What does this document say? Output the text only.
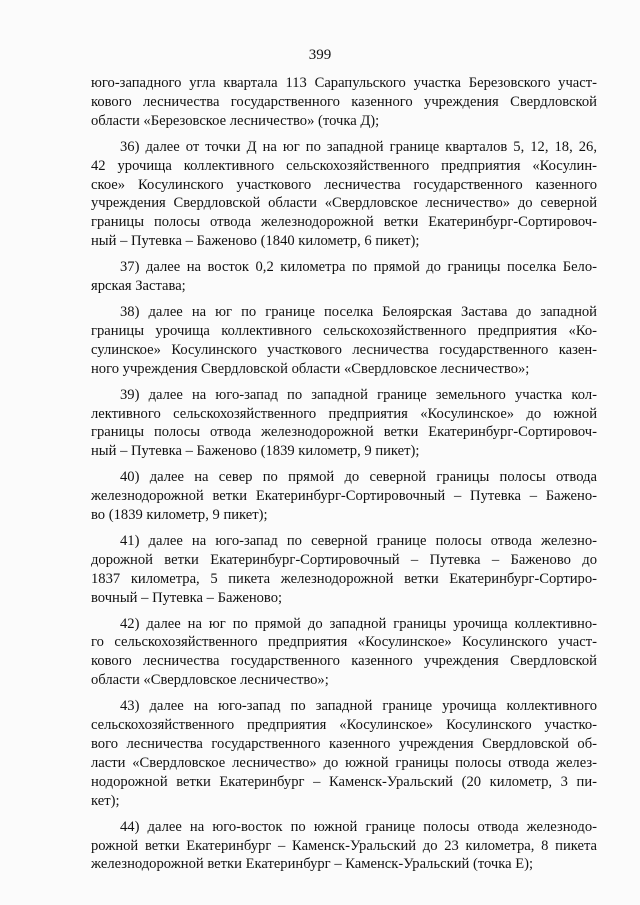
399

юго-западного угла квартала 113 Сарапульского участка Березовского участ-
кового лесничества государственного казенного учреждения Свердловской
области «Березовское лесничество» (точка Д);

36) далее от точки Д на юг по западной границе кварталов 5, 12, 18, 26,
42 урочища коллективного сельскохозяйственного предприятия «Косулин-
ское» Косулинского участкового лесничества государственного казенного
учреждения Свердловской области «Свердловское лесничество» до северной
границы полосы отвода железнодорожной ветки Екатеринбург-Сортировоч-
ный – Путевка – Баженово (1840 километр, 6 пикет);

37) далее на восток 0,2 километра по прямой до границы поселка Бело-
ярская Застава;

38) далее на юг по границе поселка Белоярская Застава до западной
границы урочища коллективного сельскохозяйственного предприятия «Ко-
сулинское» Косулинского участкового лесничества государственного казен-
ного учреждения Свердловской области «Свердловское лесничество»;

39) далее на юго-запад по западной границе земельного участка кол-
лективного сельскохозяйственного предприятия «Косулинское» до южной
границы полосы отвода железнодорожной ветки Екатеринбург-Сортировоч-
ный – Путевка – Баженово (1839 километр, 9 пикет);

40) далее на север по прямой до северной границы полосы отвода
железнодорожной ветки Екатеринбург-Сортировочный – Путевка – Бажено-
во (1839 километр, 9 пикет);

41) далее на юго-запад по северной границе полосы отвода железно-
дорожной ветки Екатеринбург-Сортировочный – Путевка – Баженово до
1837 километра, 5 пикета железнодорожной ветки Екатеринбург-Сортиро-
вочный – Путевка – Баженово;

42) далее на юг по прямой до западной границы урочища коллективно-
го сельскохозяйственного предприятия «Косулинское» Косулинского участ-
кового лесничества государственного казенного учреждения Свердловской
области «Свердловское лесничество»;

43) далее на юго-запад по западной границе урочища коллективного
сельскохозяйственного предприятия «Косулинское» Косулинского участко-
вого лесничества государственного казенного учреждения Свердловской об-
ласти «Свердловское лесничество» до южной границы полосы отвода желез-
нодорожной ветки Екатеринбург – Каменск-Уральский (20 километр, 3 пи-
кет);

44) далее на юго-восток по южной границе полосы отвода железнодо-
рожной ветки Екатеринбург – Каменск-Уральский до 23 километра, 8 пикета
железнодорожной ветки Екатеринбург – Каменск-Уральский (точка Е);
